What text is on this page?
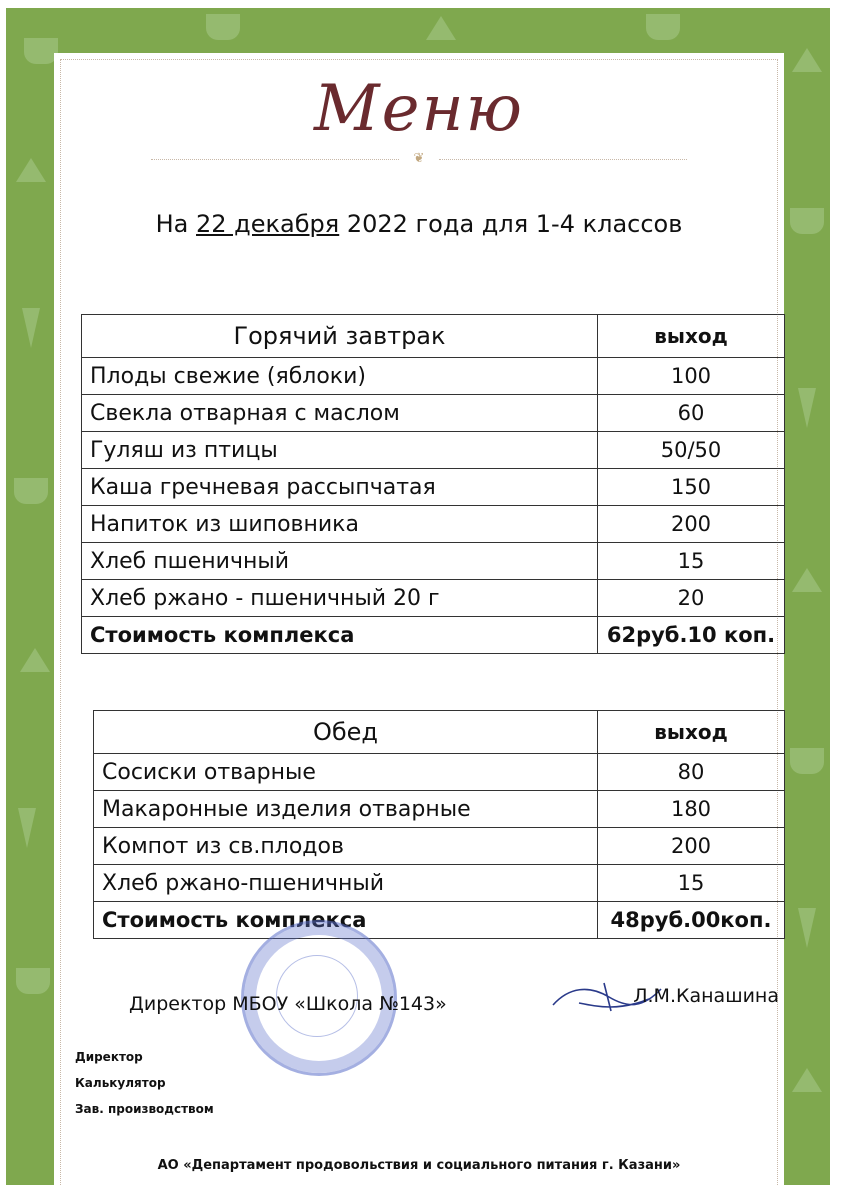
Меню
❦
На 22 декабря 2022 года для 1-4 классов
Горячий завтрак	выход
Плоды свежие (яблоки)	100
Свекла отварная с маслом	60
Гуляш из птицы	50/50
Каша гречневая рассыпчатая	150
Напиток из шиповника	200
Хлеб пшеничный	15
Хлеб ржано - пшеничный 20 г	20
Стоимость комплекса	62руб.10 коп.
Обед	выход
Сосиски отварные	80
Макаронные изделия отварные	180
Компот из св.плодов	200
Хлеб ржано-пшеничный	15
Стоимость комплекса	48руб.00коп.
Директор МБОУ «Школа №143»	Л.М.Канашина
Директор
Калькулятор
Зав. производством
АО «Департамент продовольствия и социального питания г. Казани»
